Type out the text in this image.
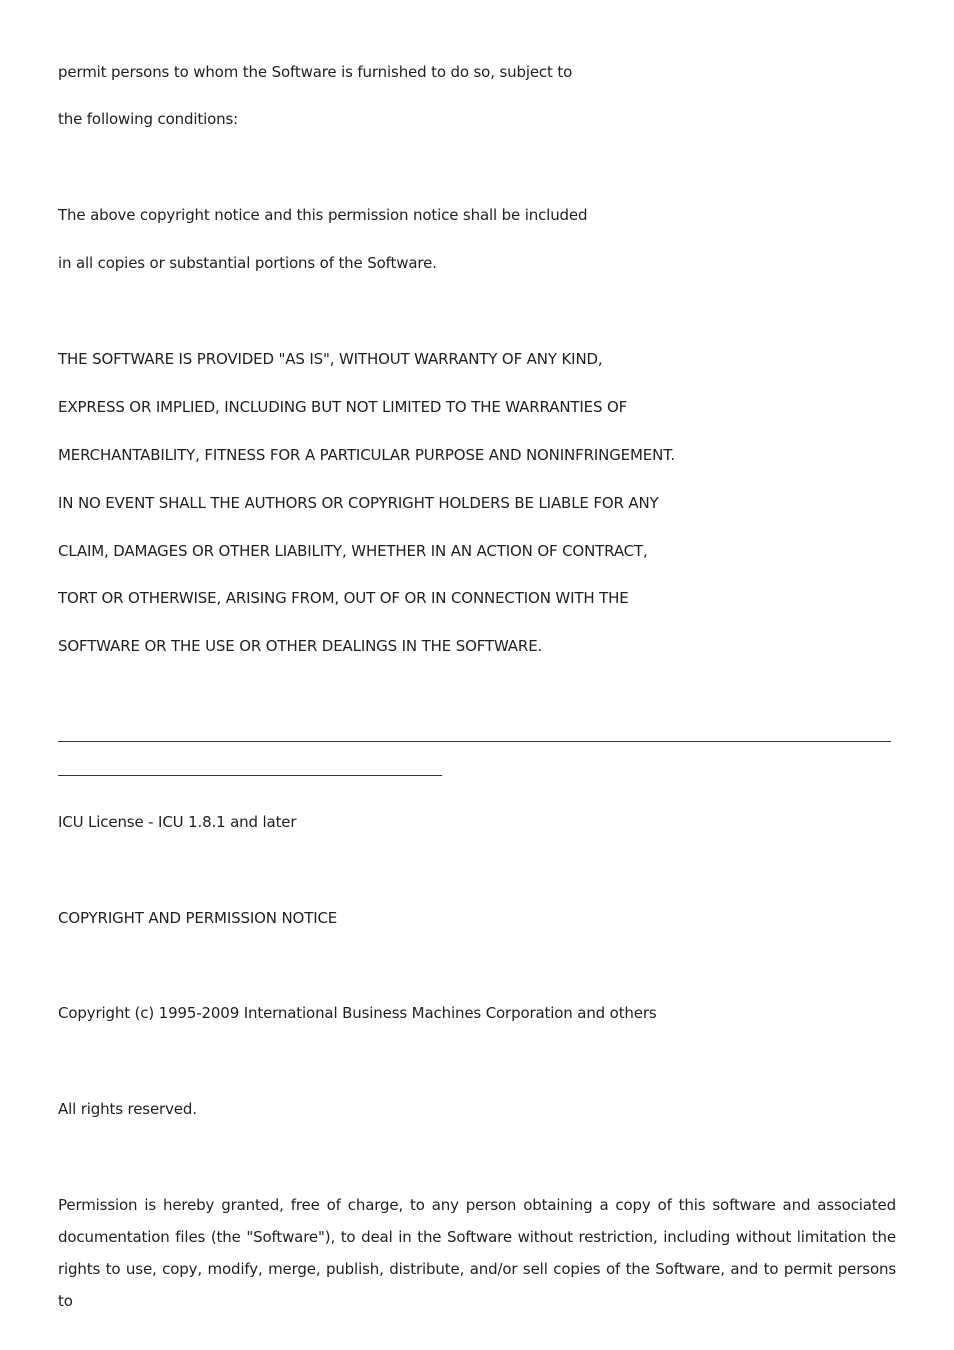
permit persons to whom the Software is furnished to do so, subject to
the following conditions:
The above copyright notice and this permission notice shall be included
in all copies or substantial portions of the Software.
THE SOFTWARE IS PROVIDED "AS IS", WITHOUT WARRANTY OF ANY KIND,
EXPRESS OR IMPLIED, INCLUDING BUT NOT LIMITED TO THE WARRANTIES OF
MERCHANTABILITY, FITNESS FOR A PARTICULAR PURPOSE AND NONINFRINGEMENT.
IN NO EVENT SHALL THE AUTHORS OR COPYRIGHT HOLDERS BE LIABLE FOR ANY
CLAIM, DAMAGES OR OTHER LIABILITY, WHETHER IN AN ACTION OF CONTRACT,
TORT OR OTHERWISE, ARISING FROM, OUT OF OR IN CONNECTION WITH THE
SOFTWARE OR THE USE OR OTHER DEALINGS IN THE SOFTWARE.
ICU License - ICU 1.8.1 and later
COPYRIGHT AND PERMISSION NOTICE
Copyright (c) 1995-2009 International Business Machines Corporation and others
All rights reserved.
Permission is hereby granted, free of charge, to any person obtaining a copy of this software and associated
documentation files (the "Software"), to deal in the Software without restriction, including without limitation the
rights to use, copy, modify, merge, publish, distribute, and/or sell copies of the Software, and to permit persons to
